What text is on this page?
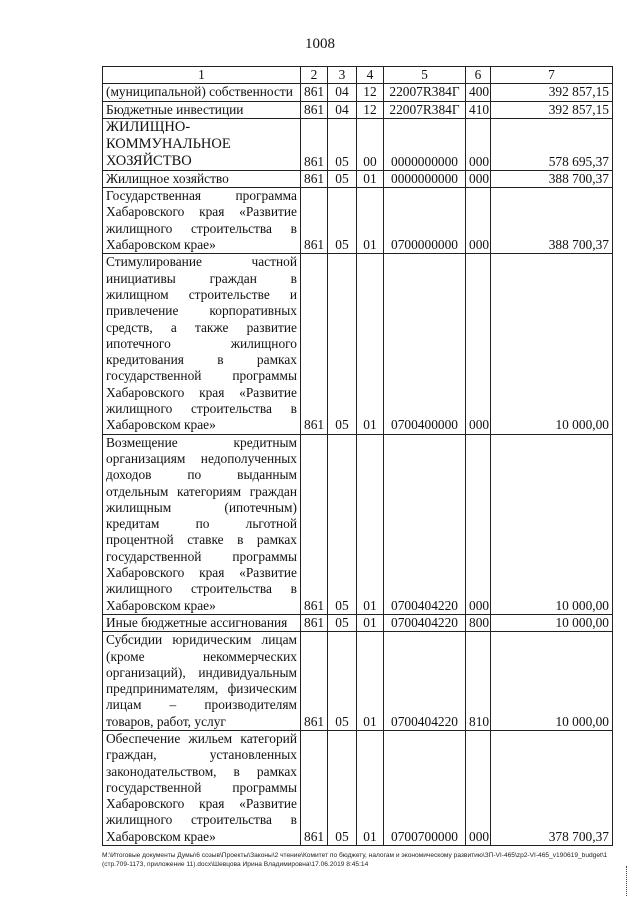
1008
1	2	3	4	5	6	7
(муниципальной) собственности	861	04	12	22007R384Г	400	392 857,15
Бюджетные инвестиции	861	04	12	22007R384Г	410	392 857,15
ЖИЛИЩНО-КОММУНАЛЬНОЕ ХОЗЯЙСТВО	861	05	00	0000000000	000	578 695,37
Жилищное хозяйство	861	05	01	0000000000	000	388 700,37
Государственная программа Хабаровского края «Развитие жилищного строительства в Хабаровском крае»	861	05	01	0700000000	000	388 700,37
Стимулирование частной инициативы граждан в жилищном строительстве и привлечение корпоративных средств, а также развитие ипотечного жилищного кредитования в рамках государственной программы Хабаровского края «Развитие жилищного строительства в Хабаровском крае»	861	05	01	0700400000	000	10 000,00
Возмещение кредитным организациям недополученных доходов по выданным отдельным категориям граждан жилищным (ипотечным) кредитам по льготной процентной ставке в рамках государственной программы Хабаровского края «Развитие жилищного строительства в Хабаровском крае»	861	05	01	0700404220	000	10 000,00
Иные бюджетные ассигнования	861	05	01	0700404220	800	10 000,00
Субсидии юридическим лицам (кроме некоммерческих организаций), индивидуальным предпринимателям, физическим лицам – производителям товаров, работ, услуг	861	05	01	0700404220	810	10 000,00
Обеспечение жильем категорий граждан, установленных законодательством, в рамках государственной программы Хабаровского края «Развитие жилищного строительства в Хабаровском крае»	861	05	01	0700700000	000	378 700,37
M:\Итоговые документы Думы\6 созыв\Проекты\Законы\2 чтение\Комитет по бюджету, налогам и экономическому развитию\ЗП-VI-465\zp2-VI-465_v190619_budget\1 (стр.709-1173, приложение 11).docx\Шевцова Ирина Владимировна\17.06.2019 8:45:14
